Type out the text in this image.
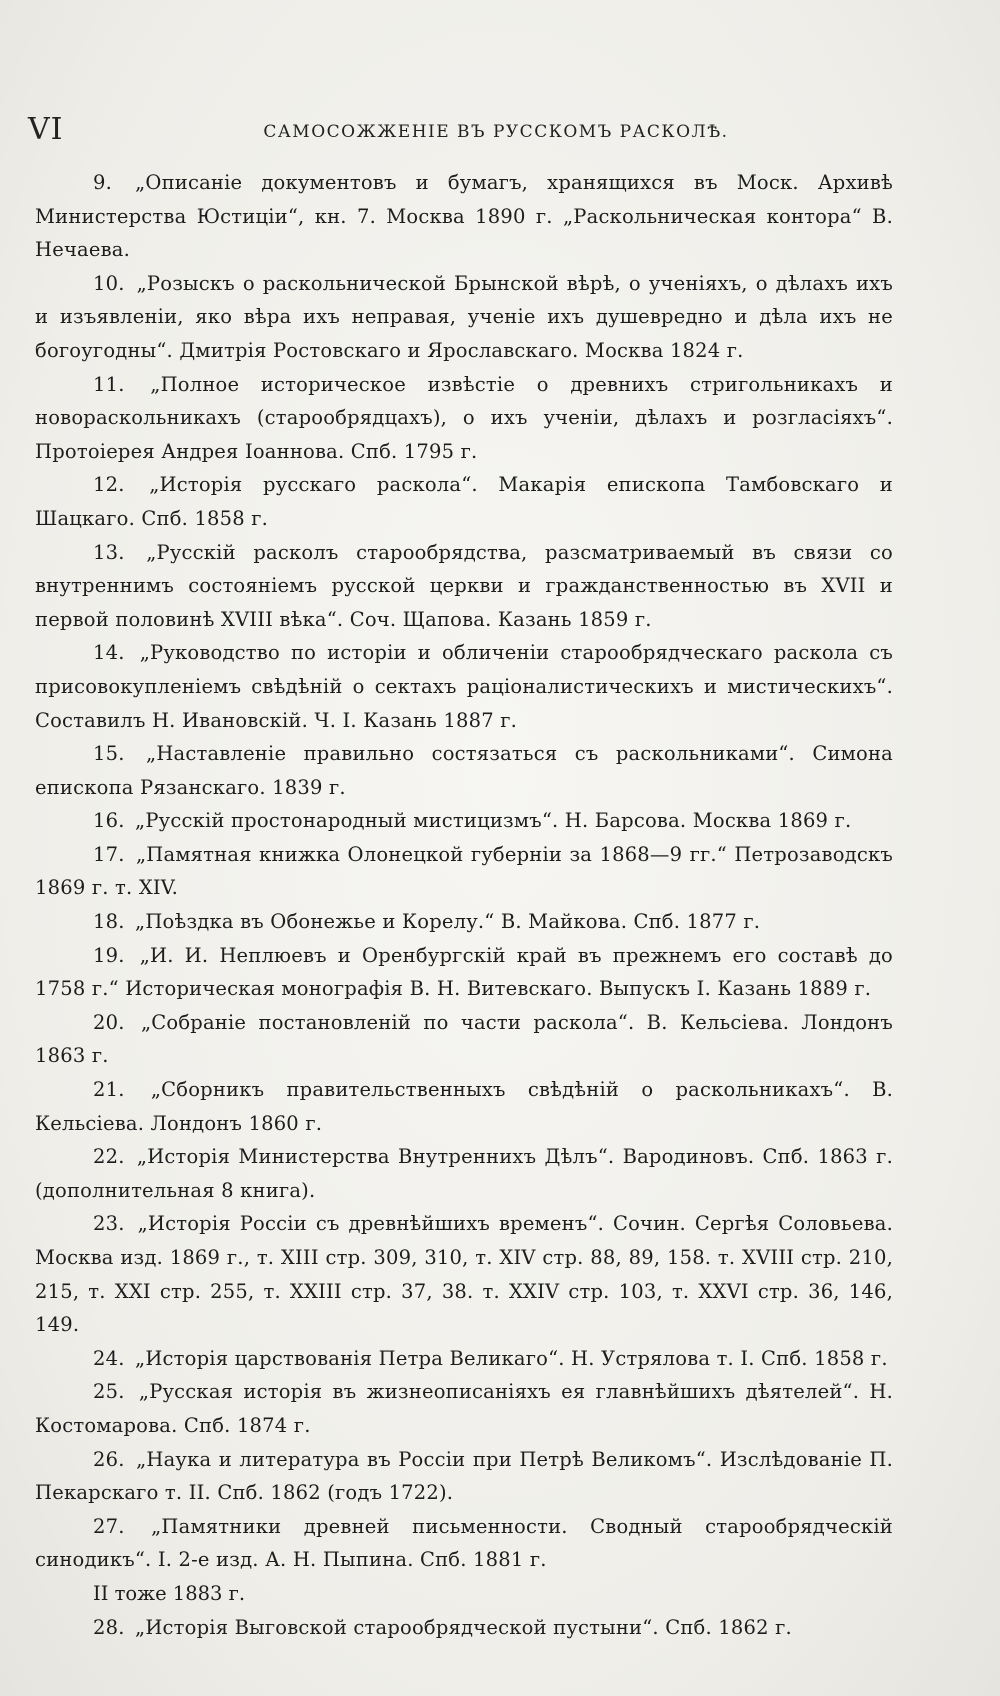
VI	САМОСОЖЖЕНІЕ ВЪ РУССКОМЪ РАСКОЛѢ.

9. „Описаніе документовъ и бумагъ, хранящихся въ Моск. Архивѣ Министерства Юстиціи“, кн. 7. Москва 1890 г. „Раскольническая контора“ В. Нечаева.

10. „Розыскъ о раскольнической Брынской вѣрѣ, о ученіяхъ, о дѣлахъ ихъ и изъявленіи, яко вѣра ихъ неправая, ученіе ихъ душевредно и дѣла ихъ не богоугодны“. Дмитрія Ростовскаго и Ярославскаго. Москва 1824 г.

11. „Полное историческое извѣстіе о древнихъ стригольникахъ и новораскольникахъ (старообрядцахъ), о ихъ ученіи, дѣлахъ и розгласіяхъ“. Протоіерея Андрея Іоаннова. Спб. 1795 г.

12. „Исторія русскаго раскола“. Макарія епископа Тамбовскаго и Шацкаго. Спб. 1858 г.

13. „Русскій расколъ старообрядства, разсматриваемый въ связи со внутреннимъ состояніемъ русской церкви и гражданственностью въ XVII и первой половинѣ XVIII вѣка“. Соч. Щапова. Казань 1859 г.

14. „Руководство по исторіи и обличеніи старообрядческаго раскола съ присовокупленіемъ свѣдѣній о сектахъ раціоналистическихъ и мистическихъ“. Составилъ Н. Ивановскій. Ч. I. Казань 1887 г.

15. „Наставленіе правильно состязаться съ раскольниками“. Симона епископа Рязанскаго. 1839 г.

16. „Русскій простонародный мистицизмъ“. Н. Барсова. Москва 1869 г.

17. „Памятная книжка Олонецкой губерніи за 1868—9 гг.“ Петрозаводскъ 1869 г. т. XIV.

18. „Поѣздка въ Обонежье и Корелу.“ В. Майкова. Спб. 1877 г.

19. „И. И. Неплюевъ и Оренбургскій край въ прежнемъ его составѣ до 1758 г.“ Историческая монографія В. Н. Витевскаго. Выпускъ I. Казань 1889 г.

20. „Собраніе постановленій по части раскола“. В. Кельсіева. Лондонъ 1863 г.

21. „Сборникъ правительственныхъ свѣдѣній о раскольникахъ“. В. Кельсіева. Лондонъ 1860 г.

22. „Исторія Министерства Внутреннихъ Дѣлъ“. Вародиновъ. Спб. 1863 г. (дополнительная 8 книга).

23. „Исторія Россіи съ древнѣйшихъ временъ“. Сочин. Сергѣя Соловьева. Москва изд. 1869 г., т. XIII стр. 309, 310, т. XIV стр. 88, 89, 158. т. XVIII стр. 210, 215, т. XXI стр. 255, т. XXIII стр. 37, 38. т. XXIV стр. 103, т. XXVI стр. 36, 146, 149.

24. „Исторія царствованія Петра Великаго“. Н. Устрялова т. I. Спб. 1858 г.

25. „Русская исторія въ жизнеописаніяхъ ея главнѣйшихъ дѣятелей“. Н. Костомарова. Спб. 1874 г.

26. „Наука и литература въ Россіи при Петрѣ Великомъ“. Изслѣдованіе П. Пекарскаго т. II. Спб. 1862 (годъ 1722).

27. „Памятники древней письменности. Сводный старообрядческій синодикъ“. I. 2-е изд. А. Н. Пыпина. Спб. 1881 г.

II тоже 1883 г.

28. „Исторія Выговской старообрядческой пустыни“. Спб. 1862 г.
